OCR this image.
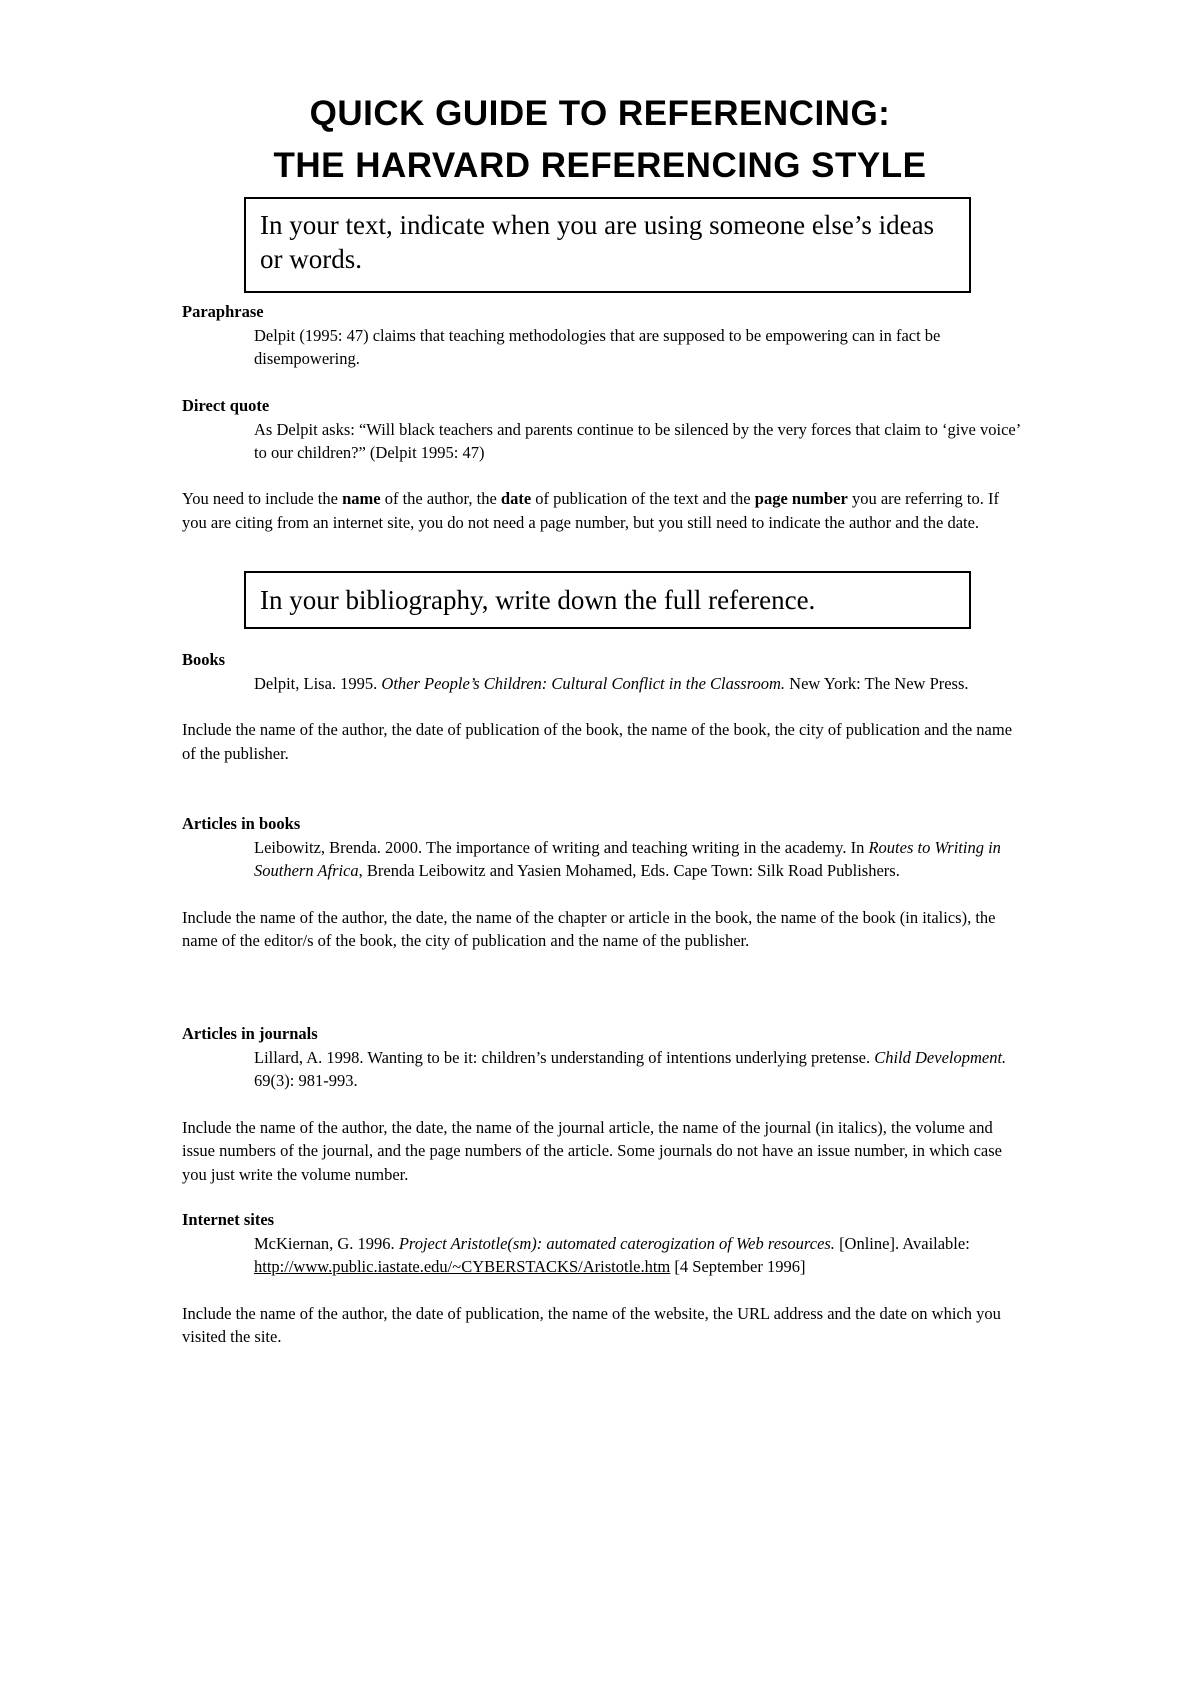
QUICK GUIDE TO REFERENCING:
THE HARVARD REFERENCING STYLE
In your text, indicate when you are using someone else’s ideas or words.

Paraphrase

Delpit (1995: 47) claims that teaching methodologies that are supposed to be empowering can in fact be disempowering.

Direct quote

As Delpit asks: “Will black teachers and parents continue to be silenced by the very forces that claim to ‘give voice’ to our children?” (Delpit 1995: 47)

You need to include the name of the author, the date of publication of the text and the page number you are referring to. If you are citing from an internet site, you do not need a page number, but you still need to indicate the author and the date.

In your bibliography, write down the full reference.

Books

Delpit, Lisa. 1995. Other People’s Children: Cultural Conflict in the Classroom. New York: The New Press.

Include the name of the author, the date of publication of the book, the name of the book, the city of publication and the name of the publisher.

Articles in books

Leibowitz, Brenda. 2000. The importance of writing and teaching writing in the academy. In Routes to Writing in Southern Africa, Brenda Leibowitz and Yasien Mohamed, Eds. Cape Town: Silk Road Publishers.

Include the name of the author, the date, the name of the chapter or article in the book, the name of the book (in italics), the name of the editor/s of the book, the city of publication and the name of the publisher.

Articles in journals

Lillard, A. 1998. Wanting to be it: children’s understanding of intentions underlying pretense. Child Development. 69(3): 981-993.

Include the name of the author, the date, the name of the journal article, the name of the journal (in italics), the volume and issue numbers of the journal, and the page numbers of the article. Some journals do not have an issue number, in which case you just write the volume number.

Internet sites

McKiernan, G. 1996. Project Aristotle(sm): automated caterogization of Web resources. [Online]. Available: http://www.public.iastate.edu/~CYBERSTACKS/Aristotle.htm [4 September 1996]

Include the name of the author, the date of publication, the name of the website, the URL address and the date on which you visited the site.
